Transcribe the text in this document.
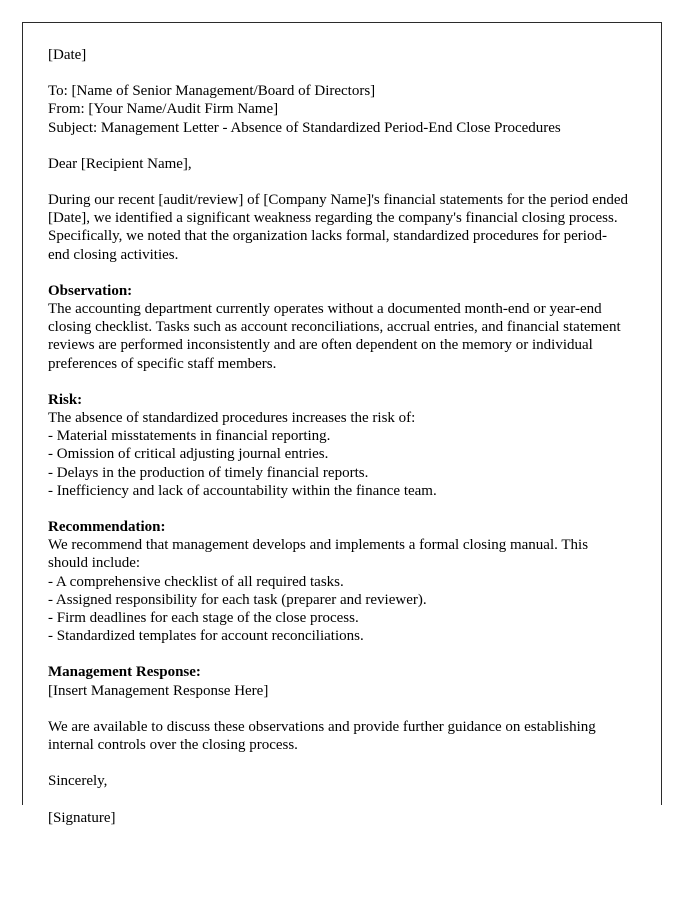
[Date]
To: [Name of Senior Management/Board of Directors]
From: [Your Name/Audit Firm Name]
Subject: Management Letter - Absence of Standardized Period-End Close Procedures
Dear [Recipient Name],
During our recent [audit/review] of [Company Name]'s financial statements for the period ended [Date], we identified a significant weakness regarding the company's financial closing process. Specifically, we noted that the organization lacks formal, standardized procedures for period-end closing activities.
Observation:
The accounting department currently operates without a documented month-end or year-end closing checklist. Tasks such as account reconciliations, accrual entries, and financial statement reviews are performed inconsistently and are often dependent on the memory or individual preferences of specific staff members.
Risk:
The absence of standardized procedures increases the risk of:
- Material misstatements in financial reporting.
- Omission of critical adjusting journal entries.
- Delays in the production of timely financial reports.
- Inefficiency and lack of accountability within the finance team.
Recommendation:
We recommend that management develops and implements a formal closing manual. This should include:
- A comprehensive checklist of all required tasks.
- Assigned responsibility for each task (preparer and reviewer).
- Firm deadlines for each stage of the close process.
- Standardized templates for account reconciliations.
Management Response:
[Insert Management Response Here]
We are available to discuss these observations and provide further guidance on establishing internal controls over the closing process.
Sincerely,
[Signature]
